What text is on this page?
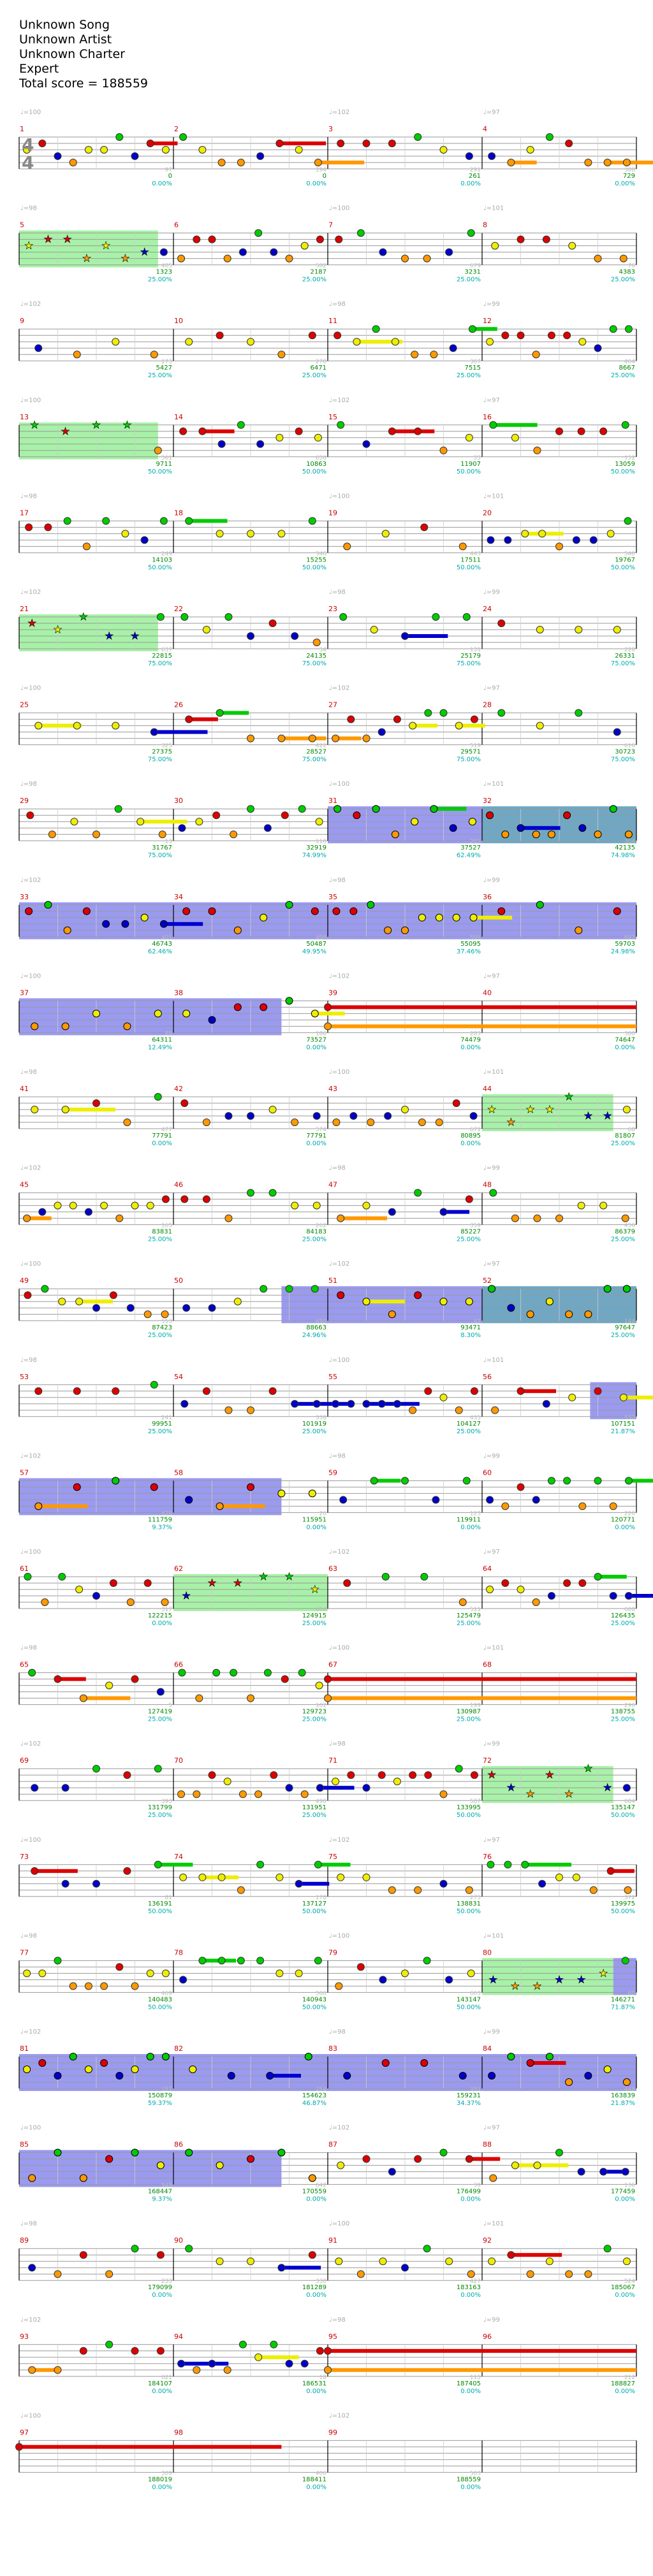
Unknown Song
Unknown Artist
Unknown Charter
Expert
Total score = 188559
4
4
1
♩=100
0
0.00%
97
2
0
0.00%
194
3
♩=102
261
0.00%
291
4
♩=97
729
0.00%
388
★
★ ★
★
★
★
★
5
♩=98
1323
25.00%
485
6
2187
25.00%
582
7
♩=100
3231
25.00%
679
8
♩=101
4383
25.00%
76
9
♩=102
5427
25.00%
173
10
6471
25.00%
270
11
♩=98
7515
25.00%
367
12
♩=99
8667
25.00%
464
★
★
★ ★
13
♩=100
9711
50.00%
561
14
10863
50.00%
658
15
♩=102
11907
50.00%
55
16
♩=97
13059
50.00%
152
17
♩=98
14103
50.00%
249
18
15255
50.00%
346
19
♩=100
17511
50.00%
443
20
♩=101
19767
50.00%
540
★
★
★
★ ★
21
♩=102
22815
75.00%
637
22
24135
75.00%
34
23
♩=98
25179
75.00%
131
24
♩=99
26331
75.00%
228
25
♩=100
27375
75.00%
325
26
28527
75.00%
422
27
♩=102
29571
75.00%
519
28
♩=97
30723
75.00%
616
29
♩=98
31767
75.00%
13
30
32919
74.99%
110
31
♩=100
37527
62.49%
207
32
♩=101
42135
74.98%
304
33
♩=102
46743
62.46%
401
34
50487
49.95%
498
35
♩=98
55095
37.46%
595
36
♩=99
59703
24.98%
692
37
♩=100
64311
12.49%
89
38
73527
0.00%
186
39
♩=102
74479
0.00%
283
40
♩=97
74647
0.00%
380
★
★
★ ★
★
★ ★
41
♩=98
77791
0.00%
477
42
77791
0.00%
574
43
♩=100
80895
0.00%
671
44
♩=101
81807
25.00%
68
45
♩=102
83831
25.00%
165
46
84183
25.00%
262
47
♩=98
85227
25.00%
359
48
♩=99
86379
25.00%
456
49
♩=100
87423
25.00%
553
50
88663
24.96%
650
51
♩=102
93471
8.30%
47
52
♩=97
97647
25.00%
144
53
♩=98
99951
25.00%
241
54
101919
25.00%
338
55
♩=100
104127
25.00%
435
56
♩=101
107151
21.87%
532
57
♩=102
111759
9.37%
629
58
115951
0.00%
26
59
♩=98
119911
0.00%
123
60
♩=99
120771
0.00%
220
★
★ ★
★ ★
★
61
♩=100
122215
0.00%
317
62
124915
25.00%
414
63
♩=102
125479
25.00%
511
64
♩=97
126435
25.00%
608
65
♩=98
127419
25.00%
5
66
129723
25.00%
102
67
♩=100
130987
25.00%
199
68
♩=101
138755
25.00%
296
★
★
★
★
★
★
★
69
♩=102
131799
25.00%
393
70
131951
25.00%
490
71
♩=98
133995
50.00%
587
72
♩=99
135147
50.00%
684
73
♩=100
136191
50.00%
81
74
137127
50.00%
178
75
♩=102
138831
50.00%
275
76
♩=97
139975
50.00%
372
★
★ ★
★ ★
★
77
♩=98
140483
50.00%
469
78
140943
50.00%
566
79
♩=100
143147
50.00%
663
80
♩=101
146271
71.87%
60
81
♩=102
150879
59.37%
157
82
154623
46.87%
254
83
♩=98
159231
34.37%
351
84
♩=99
163839
21.87%
448
85
♩=100
168447
9.37%
545
86
170559
0.00%
642
87
♩=102
176499
0.00%
39
88
♩=97
177459
0.00%
136
89
♩=98
179099
0.00%
233
90
181289
0.00%
330
91
♩=100
183163
0.00%
427
92
♩=101
185067
0.00%
524
93
♩=102
184107
0.00%
621
94
186531
0.00%
18
95
♩=98
187405
0.00%
115
96
♩=99
188827
0.00%
212
97
♩=100
188019
0.00%
309
98
188411
0.00%
406
99
♩=102
188559
0.00%
503
